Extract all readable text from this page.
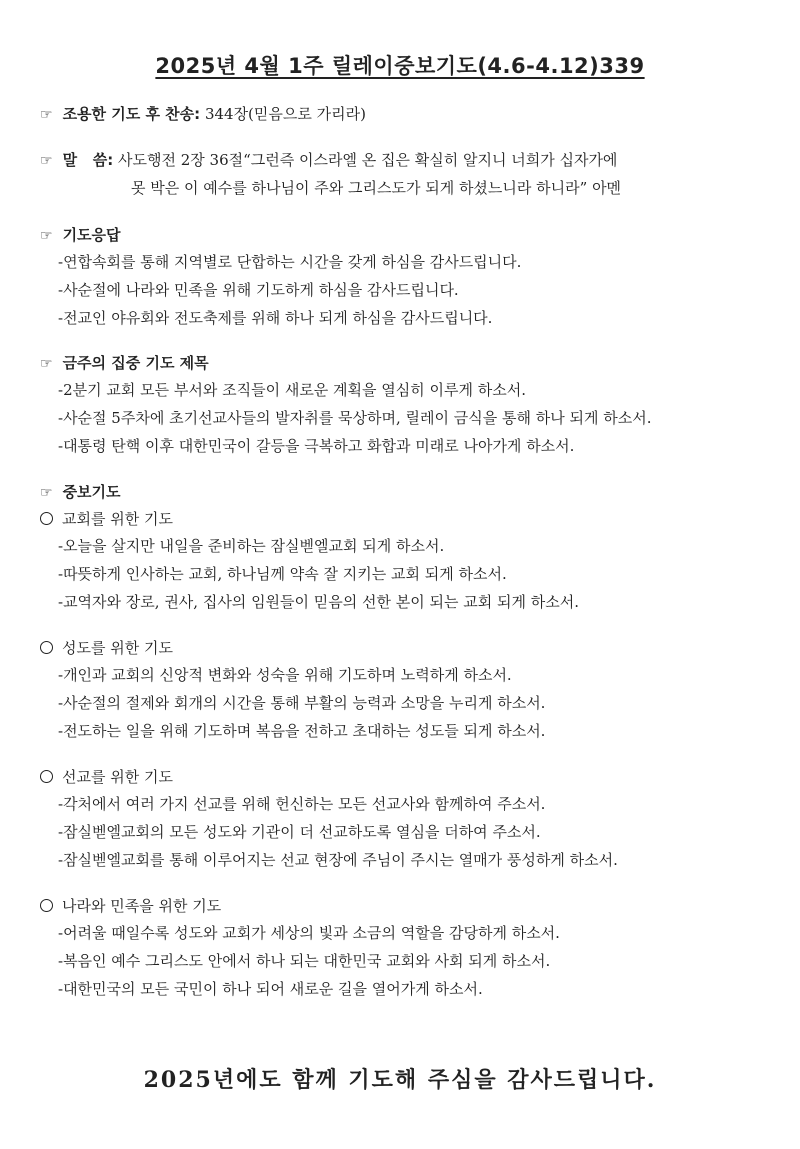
2025년 4월 1주 릴레이중보기도(4.6-4.12)339
☞ 조용한 기도 후 찬송: 344장(믿음으로 가리라)
☞ 말   씀: 사도행전 2장 36절“그런즉 이스라엘 온 집은 확실히 알지니 너희가 십자가에
못 박은 이 예수를 하나님이 주와 그리스도가 되게 하셨느니라 하니라” 아멘
☞ 기도응답
-연합속회를 통해 지역별로 단합하는 시간을 갖게 하심을 감사드립니다.
-사순절에 나라와 민족을 위해 기도하게 하심을 감사드립니다.
-전교인 야유회와 전도축제를 위해 하나 되게 하심을 감사드립니다.
☞ 금주의 집중 기도 제목
-2분기 교회 모든 부서와 조직들이 새로운 계획을 열심히 이루게 하소서.
-사순절 5주차에 초기선교사들의 발자취를 묵상하며, 릴레이 금식을 통해 하나 되게 하소서.
-대통령 탄핵 이후 대한민국이 갈등을 극복하고 화합과 미래로 나아가게 하소서.
☞ 중보기도
교회를 위한 기도
-오늘을 살지만 내일을 준비하는 잠실벧엘교회 되게 하소서.
-따뜻하게 인사하는 교회, 하나님께 약속 잘 지키는 교회 되게 하소서.
-교역자와 장로, 권사, 집사의 임원들이 믿음의 선한 본이 되는 교회 되게 하소서.
성도를 위한 기도
-개인과 교회의 신앙적 변화와 성숙을 위해 기도하며 노력하게 하소서.
-사순절의 절제와 회개의 시간을 통해 부활의 능력과 소망을 누리게 하소서.
-전도하는 일을 위해 기도하며 복음을 전하고 초대하는 성도들 되게 하소서.
선교를 위한 기도
-각처에서 여러 가지 선교를 위해 헌신하는 모든 선교사와 함께하여 주소서.
-잠실벧엘교회의 모든 성도와 기관이 더 선교하도록 열심을 더하여 주소서.
-잠실벧엘교회를 통해 이루어지는 선교 현장에 주님이 주시는 열매가 풍성하게 하소서.
나라와 민족을 위한 기도
-어려울 때일수록 성도와 교회가 세상의 빛과 소금의 역할을 감당하게 하소서.
-복음인 예수 그리스도 안에서 하나 되는 대한민국 교회와 사회 되게 하소서.
-대한민국의 모든 국민이 하나 되어 새로운 길을 열어가게 하소서.
2025년에도 함께 기도해 주심을 감사드립니다.
